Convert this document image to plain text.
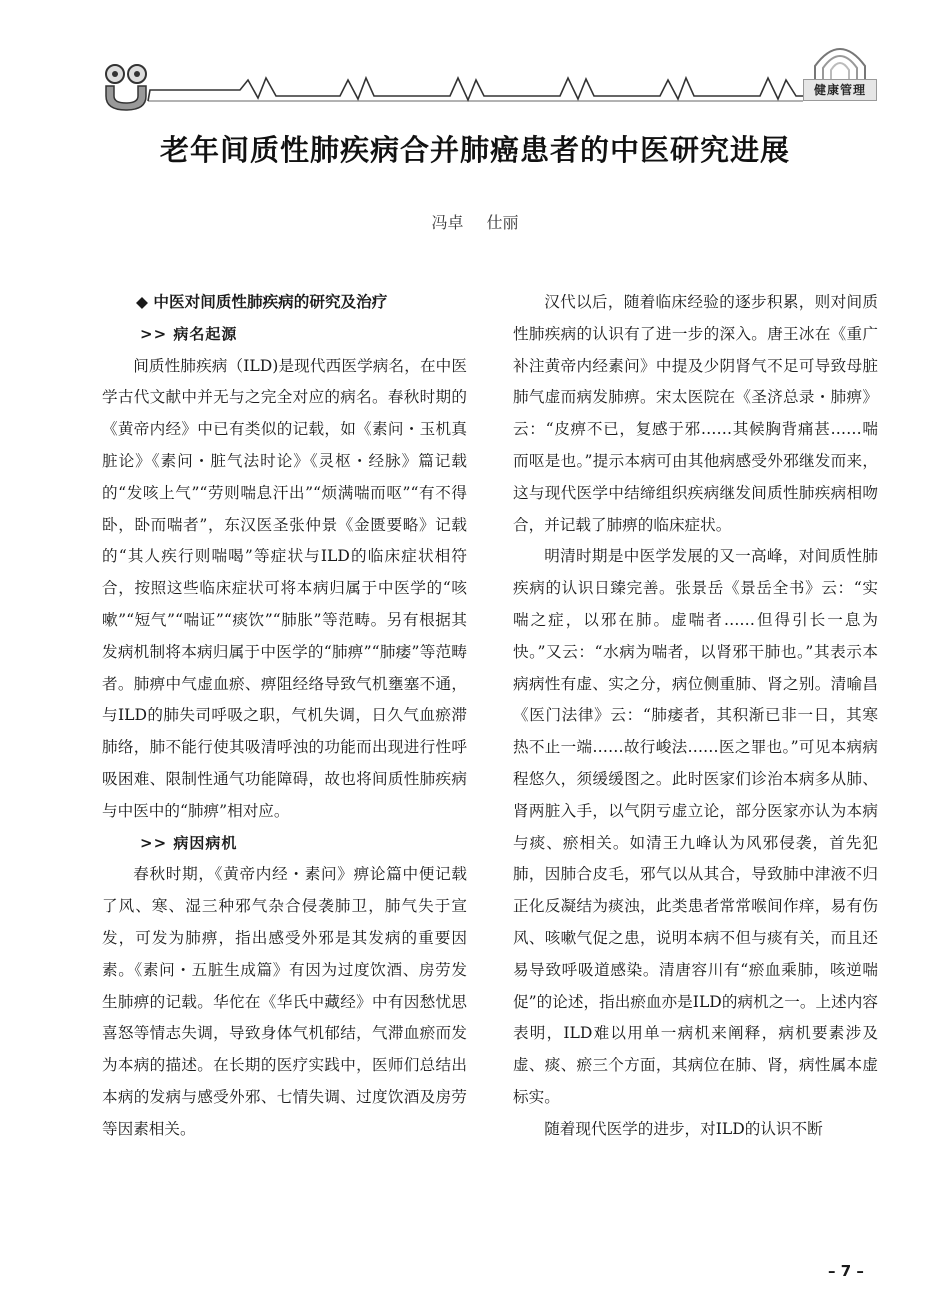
健康管理
老年间质性肺疾病合并肺癌患者的中医研究进展
冯卓 仕丽
◆ 中医对间质性肺疾病的研究及治疗
>> 病名起源

间质性肺疾病（ILD)是现代西医学病名，在中医学古代文献中并无与之完全对应的病名。春秋时期的《黄帝内经》中已有类似的记载，如《素问・玉机真脏论》《素问・脏气法时论》《灵枢・经脉》篇记载的“发咳上气”“劳则喘息汗出”“烦满喘而呕”“有不得卧，卧而喘者”，东汉医圣张仲景《金匮要略》记载的“其人疾行则喘喝”等症状与ILD的临床症状相符合，按照这些临床症状可将本病归属于中医学的“咳嗽”“短气”“喘证”“痰饮”“肺胀”等范畴。另有根据其发病机制将本病归属于中医学的“肺痹”“肺痿”等范畴者。肺痹中气虚血瘀、痹阻经络导致气机壅塞不通，与ILD的肺失司呼吸之职，气机失调，日久气血瘀滞肺络，肺不能行使其吸清呼浊的功能而出现进行性呼吸困难、限制性通气功能障碍，故也将间质性肺疾病与中医中的“肺痹”相对应。

>> 病因病机

春秋时期，《黄帝内经・素问》痹论篇中便记载了风、寒、湿三种邪气杂合侵袭肺卫，肺气失于宣发，可发为肺痹，指出感受外邪是其发病的重要因素。《素问・五脏生成篇》有因为过度饮酒、房劳发生肺痹的记载。华佗在《华氏中藏经》中有因愁忧思喜怒等情志失调，导致身体气机郁结，气滞血瘀而发为本病的描述。在长期的医疗实践中，医师们总结出本病的发病与感受外邪、七情失调、过度饮酒及房劳等因素相关。

汉代以后，随着临床经验的逐步积累，则对间质性肺疾病的认识有了进一步的深入。唐王冰在《重广补注黄帝内经素问》中提及少阴肾气不足可导致母脏肺气虚而病发肺痹。宋太医院在《圣济总录・肺痹》云：“皮痹不已，复感于邪……其候胸背痛甚……喘而呕是也。”提示本病可由其他病感受外邪继发而来，这与现代医学中结缔组织疾病继发间质性肺疾病相吻合，并记载了肺痹的临床症状。

明清时期是中医学发展的又一高峰，对间质性肺疾病的认识日臻完善。张景岳《景岳全书》云：“实喘之症，以邪在肺。虚喘者……但得引长一息为快。”又云：“水病为喘者，以肾邪干肺也。”其表示本病病性有虚、实之分，病位侧重肺、肾之别。清喻昌《医门法律》云：“肺痿者，其积渐已非一日，其寒热不止一端……故行峻法……医之罪也。”可见本病病程悠久，须缓缓图之。此时医家们诊治本病多从肺、肾两脏入手，以气阴亏虚立论，部分医家亦认为本病与痰、瘀相关。如清王九峰认为风邪侵袭，首先犯肺，因肺合皮毛，邪气以从其合，导致肺中津液不归正化反凝结为痰浊，此类患者常常喉间作痒，易有伤风、咳嗽气促之患，说明本病不但与痰有关，而且还易导致呼吸道感染。清唐容川有“瘀血乘肺，咳逆喘促”的论述，指出瘀血亦是ILD的病机之一。上述内容表明，ILD难以用单一病机来阐释，病机要素涉及虚、痰、瘀三个方面，其病位在肺、肾，病性属本虚标实。

随着现代医学的进步，对ILD的认识不断

– 7 –
